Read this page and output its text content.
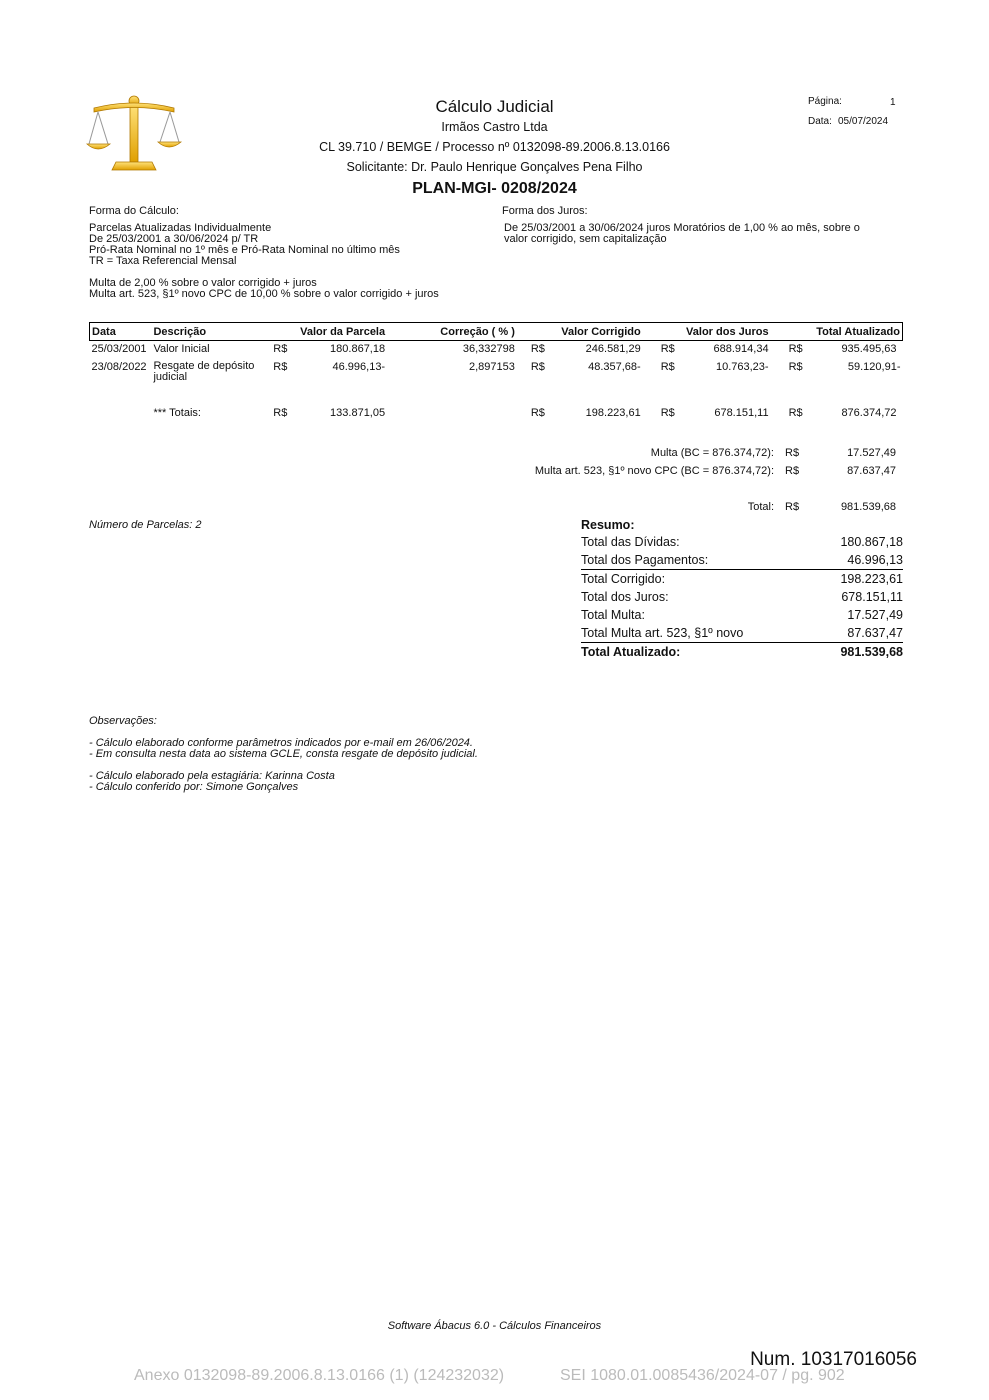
Cálculo Judicial
Irmãos Castro Ltda
CL 39.710 / BEMGE / Processo nº 0132098-89.2006.8.13.0166
Solicitante: Dr. Paulo Henrique Gonçalves Pena Filho
PLAN-MGI- 0208/2024
Página:	1
Data: 05/07/2024
Forma do Cálculo:
Parcelas Atualizadas Individualmente
De 25/03/2001 a 30/06/2024 p/ TR
Pró-Rata Nominal no 1º mês e Pró-Rata Nominal no último mês
TR = Taxa Referencial Mensal
Multa de 2,00 % sobre o valor corrigido + juros
Multa art. 523, §1º novo CPC de 10,00 % sobre o valor corrigido + juros
Forma dos Juros:
De 25/03/2001 a 30/06/2024 juros Moratórios de 1,00 % ao mês, sobre o
valor corrigido, sem capitalização
Data	Descrição	Valor da Parcela	Correção ( % )	Valor Corrigido	Valor dos Juros	Total Atualizado
25/03/2001	Valor Inicial	R$ 180.867,18	36,332798	R$ 246.581,29	R$ 688.914,34	R$ 935.495,63

23/08/2022	Resgate de depósito judicial	R$ 46.996,13-	2,897153	R$ 48.357,68-	R$ 10.763,23-	R$ 59.120,91-

	*** Totais:	R$ 133.871,05		R$ 198.223,61	R$ 678.151,11	R$ 876.374,72
Multa (BC = 876.374,72): R$	17.527,49
Multa art. 523, §1º novo CPC (BC = 876.374,72): R$	87.637,47
Total: R$	981.539,68
Número de Parcelas: 2	Resumo:
Total das Dívidas:	180.867,18
Total dos Pagamentos:	46.996,13
Total Corrigido:	198.223,61
Total dos Juros:	678.151,11
Total Multa:	17.527,49
Total Multa art. 523, §1º novo	87.637,47
Total Atualizado:	981.539,68
Observações:
- Cálculo elaborado conforme parâmetros indicados por e-mail em 26/06/2024.
- Em consulta nesta data ao sistema GCLE, consta resgate de depósito judicial.
- Cálculo elaborado pela estagiária: Karinna Costa
- Cálculo conferido por: Simone Gonçalves
Software Ábacus 6.0 - Cálculos Financeiros
Num. 10317016056
Anexo 0132098-89.2006.8.13.0166 (1) (124232032)	SEI 1080.01.0085436/2024-07 / pg. 902
